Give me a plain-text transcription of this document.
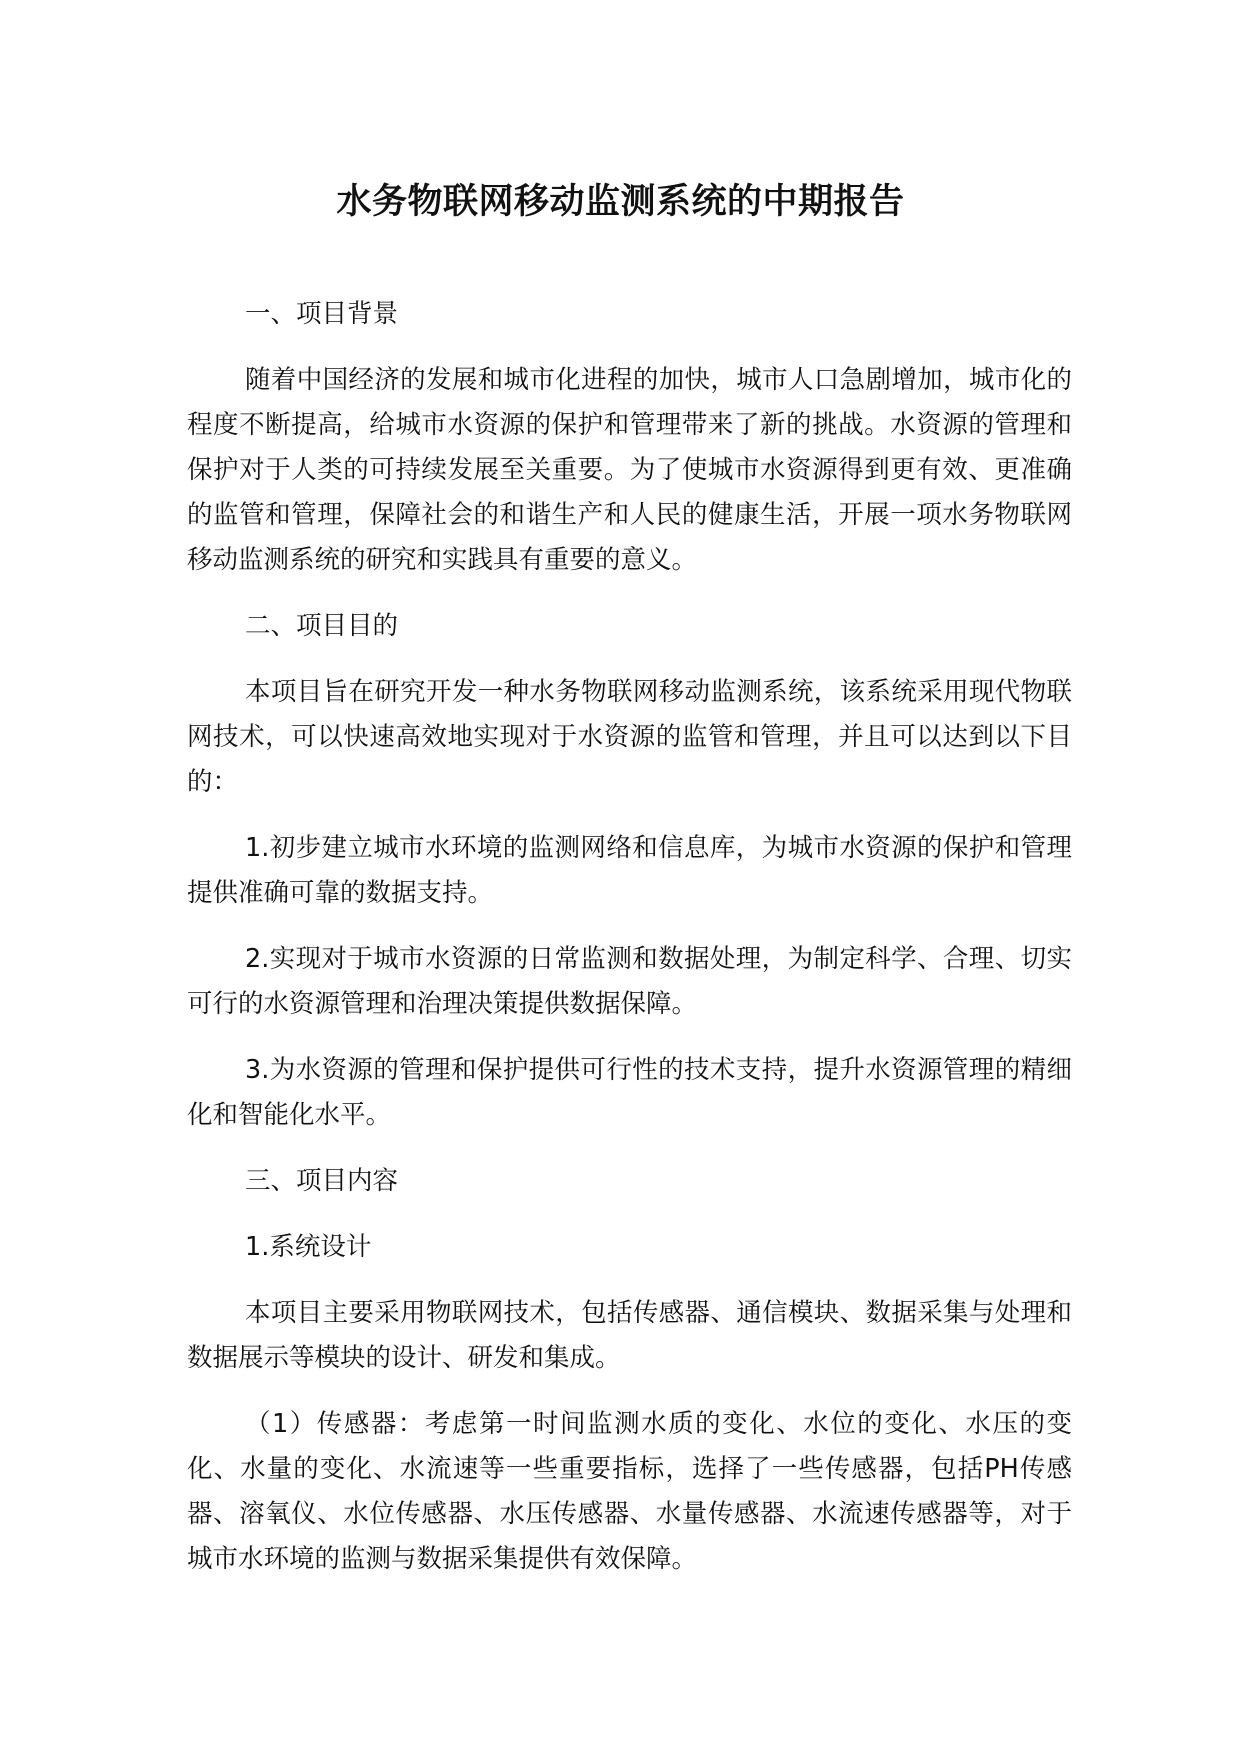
水务物联网移动监测系统的中期报告

一、项目背景

随着中国经济的发展和城市化进程的加快，城市人口急剧增加，城市化的程度不断提高，给城市水资源的保护和管理带来了新的挑战。水资源的管理和保护对于人类的可持续发展至关重要。为了使城市水资源得到更有效、更准确的监管和管理，保障社会的和谐生产和人民的健康生活，开展一项水务物联网移动监测系统的研究和实践具有重要的意义。

二、项目目的

本项目旨在研究开发一种水务物联网移动监测系统，该系统采用现代物联网技术，可以快速高效地实现对于水资源的监管和管理，并且可以达到以下目的：

1.初步建立城市水环境的监测网络和信息库，为城市水资源的保护和管理提供准确可靠的数据支持。

2.实现对于城市水资源的日常监测和数据处理，为制定科学、合理、切实可行的水资源管理和治理决策提供数据保障。

3.为水资源的管理和保护提供可行性的技术支持，提升水资源管理的精细化和智能化水平。

三、项目内容

1.系统设计

本项目主要采用物联网技术，包括传感器、通信模块、数据采集与处理和数据展示等模块的设计、研发和集成。

（1）传感器：考虑第一时间监测水质的变化、水位的变化、水压的变化、水量的变化、水流速等一些重要指标，选择了一些传感器，包括PH传感器、溶氧仪、水位传感器、水压传感器、水量传感器、水流速传感器等，对于城市水环境的监测与数据采集提供有效保障。
